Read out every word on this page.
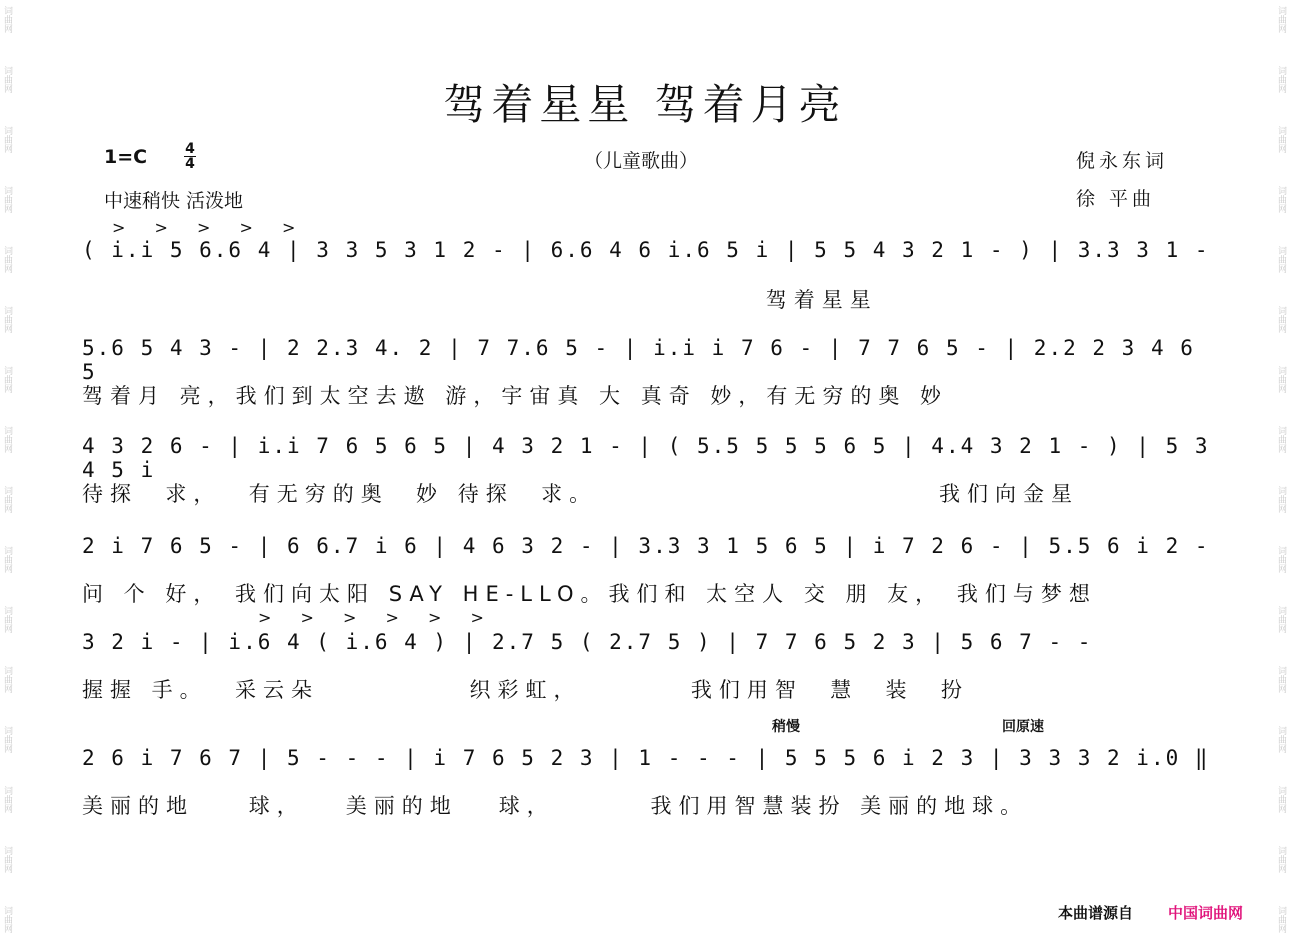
词曲网
词曲网
词曲网
词曲网
词曲网
词曲网
词曲网
词曲网
词曲网
词曲网
词曲网
词曲网
词曲网
词曲网
词曲网
词曲网
词曲网
词曲网
词曲网
词曲网
词曲网
词曲网
词曲网
词曲网
词曲网
词曲网
词曲网
词曲网
词曲网
词曲网
词曲网
词曲网
驾着星星 驾着月亮
1=C	4
4	（儿童歌曲）	倪永东词
中速稍快 活泼地	徐 平曲
> > > > >
( i.i 5 6.6 4 | 3 3 5 3 1 2 - | 6.6 4 6 i.6 5 i | 5 5 4 3 2 1 - ) | 3.3 3 1 -
驾着星星
5.6 5 4 3 - | 2 2.3 4. 2 | 7 7.6 5 - | i.i i 7 6 - | 7 7 6 5 - | 2.2 2 3 4 6 5
驾着月 亮，我们到太空去遨 游，宇宙真 大 真奇 妙，有无穷的奥 妙
4 3 2 6 - | i.i 7 6 5 6 5 | 4 3 2 1 - | ( 5.5 5 5 5 6 5 | 4.4 3 2 1 - ) | 5 3 4 5 i
待探  求，  有无穷的奥  妙 待探  求。                         我们向金星
2 i 7 6 5 - | 6 6.7 i 6 | 4 6 3 2 - | 3.3 3 1 5 6 5 | i 7 2 6 - | 5.5 6 i 2 -
问 个 好， 我们向太阳 SAY HE-LLO。我们和 太空人 交 朋 友， 我们与梦想
> > > > > >
3 2 i - | i.6 4 ( i.6 4 ) | 2.7 5 ( 2.7 5 ) | 7 7 6 5 2 3 | 5 6 7 - -
握握 手。  采云朵           织彩虹，        我们用智  慧  装  扮
稍慢	回原速
2 6 i 7 6 7 | 5 - - - | i 7 6 5 2 3 | 1 - - - | 5 5 5 6 i 2 3 | 3 3 3 2 i.0 ‖
美丽的地    球，   美丽的地   球，       我们用智慧装扮 美丽的地球。
本曲谱源自 中国词曲网
